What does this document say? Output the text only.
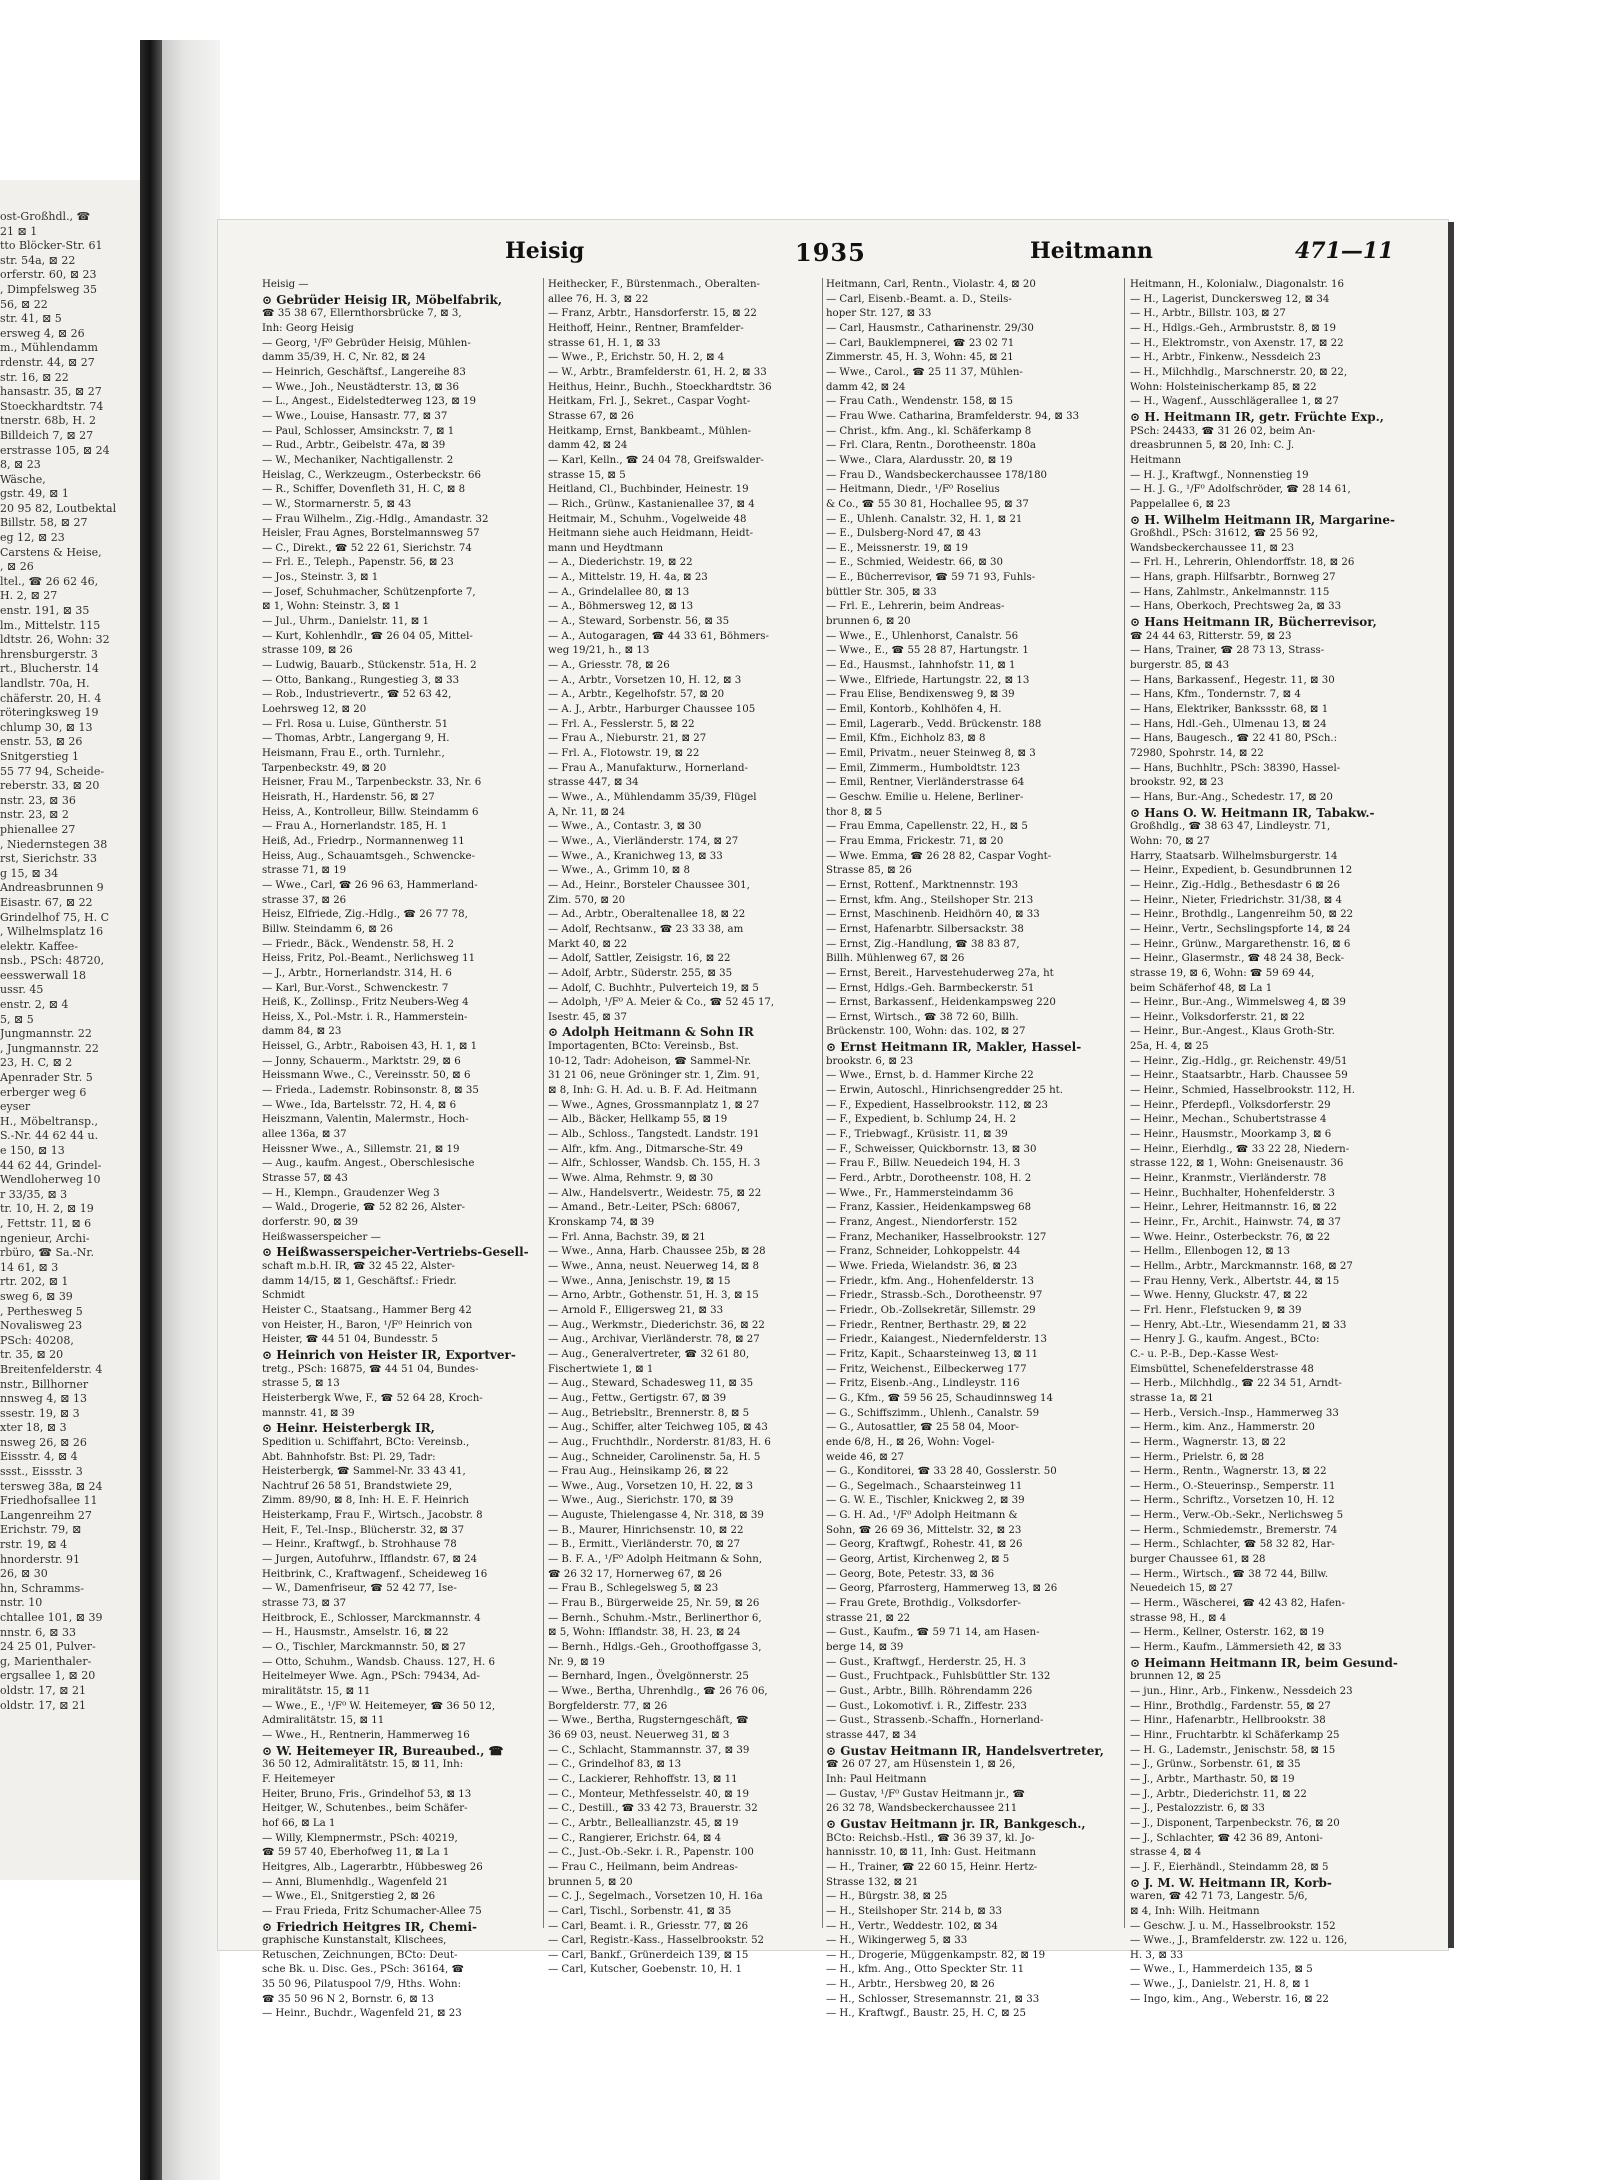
ost-Großhdl., ☎
21 ⊠ 1
tto Blöcker-Str. 61
str. 54a, ⊠ 22
orferstr. 60, ⊠ 23
, Dimpfelsweg 35
56, ⊠ 22
str. 41, ⊠ 5
ersweg 4, ⊠ 26
m., Mühlendamm
rdenstr. 44, ⊠ 27
str. 16, ⊠ 22
hansastr. 35, ⊠ 27
Stoeckhardtstr. 74
tnerstr. 68b, H. 2
Billdeich 7, ⊠ 27
erstrasse 105, ⊠ 24
8, ⊠ 23
Wäsche,
gstr. 49, ⊠ 1
20 95 82, Loutbektal
Billstr. 58, ⊠ 27
eg 12, ⊠ 23
Carstens & Heise,
, ⊠ 26
ltel., ☎ 26 62 46,
H. 2, ⊠ 27
enstr. 191, ⊠ 35
lm., Mittelstr. 115
ldtstr. 26, Wohn: 32
hrensburgerstr. 3
rt., Blucherstr. 14
landlstr. 70a, H.
chäferstr. 20, H. 4
röteringksweg 19
chlump 30, ⊠ 13
enstr. 53, ⊠ 26
Snitgerstieg 1
55 77 94, Scheide-
reberstr. 33, ⊠ 20
nstr. 23, ⊠ 36
nstr. 23, ⊠ 2
phienallee 27
, Niedernstegen 38
rst, Sierichstr. 33
g 15, ⊠ 34
Andreasbrunnen 9
Eisastr. 67, ⊠ 22
Grindelhof 75, H. C
, Wilhelmsplatz 16
elektr. Kaffee-
nsb., PSch: 48720,
eesswerwall 18
ussr. 45
enstr. 2, ⊠ 4
5, ⊠ 5
Jungmannstr. 22
, Jungmannstr. 22
23, H. C, ⊠ 2
Apenrader Str. 5
erberger weg 6
eyser
H., Möbeltransp.,
S.-Nr. 44 62 44 u.
e 150, ⊠ 13
44 62 44, Grindel-
Wendloherweg 10
r 33/35, ⊠ 3
tr. 10, H. 2, ⊠ 19
, Fettstr. 11, ⊠ 6
ngenieur, Archi-
rbüro, ☎ Sa.-Nr.
14 61, ⊠ 3
rtr. 202, ⊠ 1
sweg 6, ⊠ 39
, Perthesweg 5
Novalisweg 23
PSch: 40208,
tr. 35, ⊠ 20
Breitenfelderstr. 4
nstr., Billhorner
nnsweg 4, ⊠ 13
ssestr. 19, ⊠ 3
xter 18, ⊠ 3
nsweg 26, ⊠ 26
Eissstr. 4, ⊠ 4
ssst., Eissstr. 3
tersweg 38a, ⊠ 24
Friedhofsallee 11
Langenreihm 27
Erichstr. 79, ⊠
rstr. 19, ⊠ 4
hnorderstr. 91
26, ⊠ 30
hn, Schramms-
nstr. 10
chtallee 101, ⊠ 39
nnstr. 6, ⊠ 33
24 25 01, Pulver-
g, Marienthaler-
ergsallee 1, ⊠ 20
oldstr. 17, ⊠ 21
oldstr. 17, ⊠ 21
Heisig	1935	Heitmann	471—11
Heisig —
⊙ Gebrüder Heisig IR, Möbelfabrik,
☎ 35 38 67, Ellernthorsbrücke 7, ⊠ 3,
Inh: Georg Heisig
— Georg, ¹/F⁰ Gebrüder Heisig, Mühlen-
damm 35/39, H. C, Nr. 82, ⊠ 24
— Heinrich, Geschäftsf., Langereihe 83
— Wwe., Joh., Neustädterstr. 13, ⊠ 36
— L., Angest., Eidelstedterweg 123, ⊠ 19
— Wwe., Louise, Hansastr. 77, ⊠ 37
— Paul, Schlosser, Amsinckstr. 7, ⊠ 1
— Rud., Arbtr., Geibelstr. 47a, ⊠ 39
— W., Mechaniker, Nachtigallenstr. 2
Heislag, C., Werkzeugm., Osterbeckstr. 66
— R., Schiffer, Dovenfleth 31, H. C, ⊠ 8
— W., Stormarnerstr. 5, ⊠ 43
— Frau Wilhelm., Zig.-Hdlg., Amandastr. 32
Heisler, Frau Agnes, Borstelmannsweg 57
— C., Direkt., ☎ 52 22 61, Sierichstr. 74
— Frl. E., Teleph., Papenstr. 56, ⊠ 23
— Jos., Steinstr. 3, ⊠ 1
— Josef, Schuhmacher, Schützenpforte 7,
⊠ 1, Wohn: Steinstr. 3, ⊠ 1
— Jul., Uhrm., Danielstr. 11, ⊠ 1
— Kurt, Kohlenhdlr., ☎ 26 04 05, Mittel-
strasse 109, ⊠ 26
— Ludwig, Bauarb., Stückenstr. 51a, H. 2
— Otto, Bankang., Rungestieg 3, ⊠ 33
— Rob., Industrievertr., ☎ 52 63 42,
Loehrsweg 12, ⊠ 20
— Frl. Rosa u. Luise, Güntherstr. 51
— Thomas, Arbtr., Langergang 9, H.
Heismann, Frau E., orth. Turnlehr.,
Tarpenbeckstr. 49, ⊠ 20
Heisner, Frau M., Tarpenbeckstr. 33, Nr. 6
Heisrath, H., Hardenstr. 56, ⊠ 27
Heiss, A., Kontrolleur, Billw. Steindamm 6
— Frau A., Hornerlandstr. 185, H. 1
Heiß, Ad., Friedrp., Normannenweg 11
Heiss, Aug., Schauamtsgeh., Schwencke-
strasse 71, ⊠ 19
— Wwe., Carl, ☎ 26 96 63, Hammerland-
strasse 37, ⊠ 26
Heisz, Elfriede, Zig.-Hdlg., ☎ 26 77 78,
Billw. Steindamm 6, ⊠ 26
— Friedr., Bäck., Wendenstr. 58, H. 2
Heiss, Fritz, Pol.-Beamt., Nerlichsweg 11
— J., Arbtr., Hornerlandstr. 314, H. 6
— Karl, Bur.-Vorst., Schwenckestr. 7
Heiß, K., Zollinsp., Fritz Neubers-Weg 4
Heiss, X., Pol.-Mstr. i. R., Hammerstein-
damm 84, ⊠ 23
Heissel, G., Arbtr., Raboisen 43, H. 1, ⊠ 1
— Jonny, Schauerm., Marktstr. 29, ⊠ 6
Heissmann Wwe., C., Vereinsstr. 50, ⊠ 6
— Frieda., Lademstr. Robinsonstr. 8, ⊠ 35
— Wwe., Ida, Bartelsstr. 72, H. 4, ⊠ 6
Heiszmann, Valentin, Malermstr., Hoch-
allee 136a, ⊠ 37
Heissner Wwe., A., Sillemstr. 21, ⊠ 19
— Aug., kaufm. Angest., Oberschlesische
Strasse 57, ⊠ 43
— H., Klempn., Graudenzer Weg 3
— Wald., Drogerie, ☎ 52 82 26, Alster-
dorferstr. 90, ⊠ 39
Heißwasserspeicher —
⊙ Heißwasserspeicher-Vertriebs-Gesell-
schaft m.b.H. IR, ☎ 32 45 22, Alster-
damm 14/15, ⊠ 1, Geschäftsf.: Friedr.
Schmidt
Heister C., Staatsang., Hammer Berg 42
von Heister, H., Baron, ¹/F⁰ Heinrich von
Heister, ☎ 44 51 04, Bundesstr. 5
⊙ Heinrich von Heister IR, Exportver-
tretg., PSch: 16875, ☎ 44 51 04, Bundes-
strasse 5, ⊠ 13
Heisterbergk Wwe, F., ☎ 52 64 28, Kroch-
mannstr. 41, ⊠ 39
⊙ Heinr. Heisterbergk IR,
Spedition u. Schiffahrt, BCto: Vereinsb.,
Abt. Bahnhofstr. Bst: Pl. 29, Tadr:
Heisterbergk, ☎ Sammel-Nr. 33 43 41,
Nachtruf 26 58 51, Brandstwiete 29,
Zimm. 89/90, ⊠ 8, Inh: H. E. F. Heinrich
Heisterkamp, Frau F., Wirtsch., Jacobstr. 8
Heit, F., Tel.-Insp., Blücherstr. 32, ⊠ 37
— Heinr., Kraftwgf., b. Strohhause 78
— Jurgen, Autofuhrw., Ifflandstr. 67, ⊠ 24
Heitbrink, C., Kraftwagenf., Scheideweg 16
— W., Damenfriseur, ☎ 52 42 77, Ise-
strasse 73, ⊠ 37
Heitbrock, E., Schlosser, Marckmannstr. 4
— H., Hausmstr., Amselstr. 16, ⊠ 22
— O., Tischler, Marckmannstr. 50, ⊠ 27
— Otto, Schuhm., Wandsb. Chauss. 127, H. 6
Heitelmeyer Wwe. Agn., PSch: 79434, Ad-
miralitätstr. 15, ⊠ 11
— Wwe., E., ¹/F⁰ W. Heitemeyer, ☎ 36 50 12,
Admiralitätstr. 15, ⊠ 11
— Wwe., H., Rentnerin, Hammerweg 16
⊙ W. Heitemeyer IR, Bureaubed., ☎
36 50 12, Admiralitätstr. 15, ⊠ 11, Inh:
F. Heitemeyer
Heiter, Bruno, Fris., Grindelhof 53, ⊠ 13
Heitger, W., Schutenbes., beim Schäfer-
hof 66, ⊠ La 1
— Willy, Klempnermstr., PSch: 40219,
☎ 59 57 40, Eberhofweg 11, ⊠ La 1
Heitgres, Alb., Lagerarbtr., Hübbesweg 26
— Anni, Blumenhdlg., Wagenfeld 21
— Wwe., El., Snitgerstieg 2, ⊠ 26
— Frau Frieda, Fritz Schumacher-Allee 75
⊙ Friedrich Heitgres IR, Chemi-
graphische Kunstanstalt, Klischees,
Retuschen, Zeichnungen, BCto: Deut-
sche Bk. u. Disc. Ges., PSch: 36164, ☎
35 50 96, Pilatuspool 7/9, Hths. Wohn:
☎ 35 50 96 N 2, Bornstr. 6, ⊠ 13
— Heinr., Buchdr., Wagenfeld 21, ⊠ 23
Heithecker, F., Bürstenmach., Oberalten-
allee 76, H. 3, ⊠ 22
— Franz, Arbtr., Hansdorferstr. 15, ⊠ 22
Heithoff, Heinr., Rentner, Bramfelder-
strasse 61, H. 1, ⊠ 33
— Wwe., P., Erichstr. 50, H. 2, ⊠ 4
— W., Arbtr., Bramfelderstr. 61, H. 2, ⊠ 33
Heithus, Heinr., Buchh., Stoeckhardtstr. 36
Heitkam, Frl. J., Sekret., Caspar Voght-
Strasse 67, ⊠ 26
Heitkamp, Ernst, Bankbeamt., Mühlen-
damm 42, ⊠ 24
— Karl, Kelln., ☎ 24 04 78, Greifswalder-
strasse 15, ⊠ 5
Heitland, Cl., Buchbinder, Heinestr. 19
— Rich., Grünw., Kastanienallee 37, ⊠ 4
Heitmair, M., Schuhm., Vogelweide 48
Heitmann siehe auch Heidmann, Heidt-
mann und Heydtmann
— A., Diederichstr. 19, ⊠ 22
— A., Mittelstr. 19, H. 4a, ⊠ 23
— A., Grindelallee 80, ⊠ 13
— A., Böhmersweg 12, ⊠ 13
— A., Steward, Sorbenstr. 56, ⊠ 35
— A., Autogaragen, ☎ 44 33 61, Böhmers-
weg 19/21, h., ⊠ 13
— A., Griesstr. 78, ⊠ 26
— A., Arbtr., Vorsetzen 10, H. 12, ⊠ 3
— A., Arbtr., Kegelhofstr. 57, ⊠ 20
— A. J., Arbtr., Harburger Chaussee 105
— Frl. A., Fesslerstr. 5, ⊠ 22
— Frau A., Nieburstr. 21, ⊠ 27
— Frl. A., Flotowstr. 19, ⊠ 22
— Frau A., Manufakturw., Hornerland-
strasse 447, ⊠ 34
— Wwe., A., Mühlendamm 35/39, Flügel
A, Nr. 11, ⊠ 24
— Wwe., A., Contastr. 3, ⊠ 30
— Wwe., A., Vierländerstr. 174, ⊠ 27
— Wwe., A., Kranichweg 13, ⊠ 33
— Wwe., A., Grimm 10, ⊠ 8
— Ad., Heinr., Borsteler Chaussee 301,
Zim. 570, ⊠ 20
— Ad., Arbtr., Oberaltenallee 18, ⊠ 22
— Adolf, Rechtsanw., ☎ 23 33 38, am
Markt 40, ⊠ 22
— Adolf, Sattler, Zeisigstr. 16, ⊠ 22
— Adolf, Arbtr., Süderstr. 255, ⊠ 35
— Adolf, C. Buchhtr., Pulverteich 19, ⊠ 5
— Adolph, ¹/F⁰ A. Meier & Co., ☎ 52 45 17,
Isestr. 45, ⊠ 37
⊙ Adolph Heitmann & Sohn IR
Importagenten, BCto: Vereinsb., Bst.
10-12, Tadr: Adoheison, ☎ Sammel-Nr.
31 21 06, neue Gröninger str. 1, Zim. 91,
⊠ 8, Inh: G. H. Ad. u. B. F. Ad. Heitmann
— Wwe., Agnes, Grossmannplatz 1, ⊠ 27
— Alb., Bäcker, Hellkamp 55, ⊠ 19
— Alb., Schloss., Tangstedt. Landstr. 191
— Alfr., kfm. Ang., Ditmarsche-Str. 49
— Alfr., Schlosser, Wandsb. Ch. 155, H. 3
— Wwe. Alma, Rehmstr. 9, ⊠ 30
— Alw., Handelsvertr., Weidestr. 75, ⊠ 22
— Amand., Betr.-Leiter, PSch: 68067,
Kronskamp 74, ⊠ 39
— Frl. Anna, Bachstr. 39, ⊠ 21
— Wwe., Anna, Harb. Chaussee 25b, ⊠ 28
— Wwe., Anna, neust. Neuerweg 14, ⊠ 8
— Wwe., Anna, Jenischstr. 19, ⊠ 15
— Arno, Arbtr., Gothenstr. 51, H. 3, ⊠ 15
— Arnold F., Elligersweg 21, ⊠ 33
— Aug., Werkmstr., Diederichstr. 36, ⊠ 22
— Aug., Archivar, Vierländerstr. 78, ⊠ 27
— Aug., Generalvertreter, ☎ 32 61 80,
Fischertwiete 1, ⊠ 1
— Aug., Steward, Schadesweg 11, ⊠ 35
— Aug., Fettw., Gertigstr. 67, ⊠ 39
— Aug., Betriebsltr., Brennerstr. 8, ⊠ 5
— Aug., Schiffer, alter Teichweg 105, ⊠ 43
— Aug., Fruchthdlr., Norderstr. 81/83, H. 6
— Aug., Schneider, Carolinenstr. 5a, H. 5
— Frau Aug., Heinsikamp 26, ⊠ 22
— Wwe., Aug., Vorsetzen 10, H. 22, ⊠ 3
— Wwe., Aug., Sierichstr. 170, ⊠ 39
— Auguste, Thielengasse 4, Nr. 318, ⊠ 39
— B., Maurer, Hinrichsenstr. 10, ⊠ 22
— B., Ermitt., Vierländerstr. 70, ⊠ 27
— B. F. A., ¹/F⁰ Adolph Heitmann & Sohn,
☎ 26 32 17, Hornerweg 67, ⊠ 26
— Frau B., Schlegelsweg 5, ⊠ 23
— Frau B., Bürgerweide 25, Nr. 59, ⊠ 26
— Bernh., Schuhm.-Mstr., Berlinerthor 6,
⊠ 5, Wohn: Ifflandstr. 38, H. 23, ⊠ 24
— Bernh., Hdlgs.-Geh., Groothoffgasse 3,
Nr. 9, ⊠ 19
— Bernhard, Ingen., Övelgönnerstr. 25
— Wwe., Bertha, Uhrenhdlg., ☎ 26 76 06,
Borgfelderstr. 77, ⊠ 26
— Wwe., Bertha, Rugsterngeschäft, ☎
36 69 03, neust. Neuerweg 31, ⊠ 3
— C., Schlacht, Stammannstr. 37, ⊠ 39
— C., Grindelhof 83, ⊠ 13
— C., Lackierer, Rehhoffstr. 13, ⊠ 11
— C., Monteur, Methfesselstr. 40, ⊠ 19
— C., Destill., ☎ 33 42 73, Brauerstr. 32
— C., Arbtr., Belleallianzstr. 45, ⊠ 19
— C., Rangierer, Erichstr. 64, ⊠ 4
— C., Just.-Ob.-Sekr. i. R., Papenstr. 100
— Frau C., Heilmann, beim Andreas-
brunnen 5, ⊠ 20
— C. J., Segelmach., Vorsetzen 10, H. 16a
— Carl, Tischl., Sorbenstr. 41, ⊠ 35
— Carl, Beamt. i. R., Griesstr. 77, ⊠ 26
— Carl, Registr.-Kass., Hasselbrookstr. 52
— Carl, Bankf., Grünerdeich 139, ⊠ 15
— Carl, Kutscher, Goebenstr. 10, H. 1
Heitmann, Carl, Rentn., Violastr. 4, ⊠ 20
— Carl, Eisenb.-Beamt. a. D., Steils-
hoper Str. 127, ⊠ 33
— Carl, Hausmstr., Catharinenstr. 29/30
— Carl, Bauklempnerei, ☎ 23 02 71
Zimmerstr. 45, H. 3, Wohn: 45, ⊠ 21
— Wwe., Carol., ☎ 25 11 37, Mühlen-
damm 42, ⊠ 24
— Frau Cath., Wendenstr. 158, ⊠ 15
— Frau Wwe. Catharina, Bramfelderstr. 94, ⊠ 33
— Christ., kfm. Ang., kl. Schäferkamp 8
— Frl. Clara, Rentn., Dorotheenstr. 180a
— Wwe., Clara, Alardusstr. 20, ⊠ 19
— Frau D., Wandsbeckerchaussee 178/180
— Heitmann, Diedr., ¹/F⁰ Roselius
& Co., ☎ 55 30 81, Hochallee 95, ⊠ 37
— E., Uhlenh. Canalstr. 32, H. 1, ⊠ 21
— E., Dulsberg-Nord 47, ⊠ 43
— E., Meissnerstr. 19, ⊠ 19
— E., Schmied, Weidestr. 66, ⊠ 30
— E., Bücherrevisor, ☎ 59 71 93, Fuhls-
büttler Str. 305, ⊠ 33
— Frl. E., Lehrerin, beim Andreas-
brunnen 6, ⊠ 20
— Wwe., E., Uhlenhorst, Canalstr. 56
— Wwe., E., ☎ 55 28 87, Hartungstr. 1
— Ed., Hausmst., Iahnhofstr. 11, ⊠ 1
— Wwe., Elfriede, Hartungstr. 22, ⊠ 13
— Frau Elise, Bendixensweg 9, ⊠ 39
— Emil, Kontorb., Kohlhöfen 4, H.
— Emil, Lagerarb., Vedd. Brückenstr. 188
— Emil, Kfm., Eichholz 83, ⊠ 8
— Emil, Privatm., neuer Steinweg 8, ⊠ 3
— Emil, Zimmerm., Humboldtstr. 123
— Emil, Rentner, Vierländerstrasse 64
— Geschw. Emilie u. Helene, Berliner-
thor 8, ⊠ 5
— Frau Emma, Capellenstr. 22, H., ⊠ 5
— Frau Emma, Frickestr. 71, ⊠ 20
— Wwe. Emma, ☎ 26 28 82, Caspar Voght-
Strasse 85, ⊠ 26
— Ernst, Rottenf., Marktnennstr. 193
— Ernst, kfm. Ang., Steilshoper Str. 213
— Ernst, Maschinenb. Heidhörn 40, ⊠ 33
— Ernst, Hafenarbtr. Silbersackstr. 38
— Ernst, Zig.-Handlung, ☎ 38 83 87,
Billh. Mühlenweg 67, ⊠ 26
— Ernst, Bereit., Harvestehuderweg 27a, ht
— Ernst, Hdlgs.-Geh. Barmbeckerstr. 51
— Ernst, Barkassenf., Heidenkampsweg 220
— Ernst, Wirtsch., ☎ 38 72 60, Billh.
Brückenstr. 100, Wohn: das. 102, ⊠ 27
⊙ Ernst Heitmann IR, Makler, Hassel-
brookstr. 6, ⊠ 23
— Wwe., Ernst, b. d. Hammer Kirche 22
— Erwin, Autoschl., Hinrichsengredder 25 ht.
— F., Expedient, Hasselbrookstr. 112, ⊠ 23
— F., Expedient, b. Schlump 24, H. 2
— F., Triebwagf., Krüsistr. 11, ⊠ 39
— F., Schweisser, Quickbornstr. 13, ⊠ 30
— Frau F., Billw. Neuedeich 194, H. 3
— Ferd., Arbtr., Dorotheenstr. 108, H. 2
— Wwe., Fr., Hammersteindamm 36
— Franz, Kassier., Heidenkampsweg 68
— Franz, Angest., Niendorferstr. 152
— Franz, Mechaniker, Hasselbrookstr. 127
— Franz, Schneider, Lohkoppelstr. 44
— Wwe. Frieda, Wielandstr. 36, ⊠ 23
— Friedr., kfm. Ang., Hohenfelderstr. 13
— Friedr., Strassb.-Sch., Dorotheenstr. 97
— Friedr., Ob.-Zollsekretär, Sillemstr. 29
— Friedr., Rentner, Berthastr. 29, ⊠ 22
— Friedr., Kaiangest., Niedernfelderstr. 13
— Fritz, Kapit., Schaarsteinweg 13, ⊠ 11
— Fritz, Weichenst., Eilbeckerweg 177
— Fritz, Eisenb.-Ang., Lindleystr. 116
— G., Kfm., ☎ 59 56 25, Schaudinnsweg 14
— G., Schiffszimm., Uhlenh., Canalstr. 59
— G., Autosattler, ☎ 25 58 04, Moor-
ende 6/8, H., ⊠ 26, Wohn: Vogel-
weide 46, ⊠ 27
— G., Konditorei, ☎ 33 28 40, Gosslerstr. 50
— G., Segelmach., Schaarsteinweg 11
— G. W. E., Tischler, Knickweg 2, ⊠ 39
— G. H. Ad., ¹/F⁰ Adolph Heitmann &
Sohn, ☎ 26 69 36, Mittelstr. 32, ⊠ 23
— Georg, Kraftwgf., Rohestr. 41, ⊠ 26
— Georg, Artist, Kirchenweg 2, ⊠ 5
— Georg, Bote, Petestr. 33, ⊠ 36
— Georg, Pfarrosterg, Hammerweg 13, ⊠ 26
— Frau Grete, Brothdig., Volksdorfer-
strasse 21, ⊠ 22
— Gust., Kaufm., ☎ 59 71 14, am Hasen-
berge 14, ⊠ 39
— Gust., Kraftwgf., Herderstr. 25, H. 3
— Gust., Fruchtpack., Fuhlsbüttler Str. 132
— Gust., Arbtr., Billh. Röhrendamm 226
— Gust., Lokomotivf. i. R., Ziffestr. 233
— Gust., Strassenb.-Schaffn., Hornerland-
strasse 447, ⊠ 34
⊙ Gustav Heitmann IR, Handelsvertreter,
☎ 26 07 27, am Hüsenstein 1, ⊠ 26,
Inh: Paul Heitmann
— Gustav, ¹/F⁰ Gustav Heitmann jr., ☎
26 32 78, Wandsbeckerchaussee 211
⊙ Gustav Heitmann jr. IR, Bankgesch.,
BCto: Reichsb.-Hstl., ☎ 36 39 37, kl. Jo-
hannisstr. 10, ⊠ 11, Inh: Gust. Heitmann
— H., Trainer, ☎ 22 60 15, Heinr. Hertz-
Strasse 132, ⊠ 21
— H., Bürgstr. 38, ⊠ 25
— H., Steilshoper Str. 214 b, ⊠ 33
— H., Vertr., Weddestr. 102, ⊠ 34
— H., Wikingerweg 5, ⊠ 33
— H., Drogerie, Müggenkampstr. 82, ⊠ 19
— H., kfm. Ang., Otto Speckter Str. 11
— H., Arbtr., Hersbweg 20, ⊠ 26
— H., Schlosser, Stresemannstr. 21, ⊠ 33
— H., Kraftwgf., Baustr. 25, H. C, ⊠ 25
Heitmann, H., Kolonialw., Diagonalstr. 16
— H., Lagerist, Dunckersweg 12, ⊠ 34
— H., Arbtr., Billstr. 103, ⊠ 27
— H., Hdlgs.-Geh., Armbruststr. 8, ⊠ 19
— H., Elektromstr., von Axenstr. 17, ⊠ 22
— H., Arbtr., Finkenw., Nessdeich 23
— H., Milchhdlg., Marschnerstr. 20, ⊠ 22,
Wohn: Holsteinischerkamp 85, ⊠ 22
— H., Wagenf., Ausschlägerallee 1, ⊠ 27
⊙ H. Heitmann IR, getr. Früchte Exp.,
PSch: 24433, ☎ 31 26 02, beim An-
dreasbrunnen 5, ⊠ 20, Inh: C. J.
Heitmann
— H. J., Kraftwgf., Nonnenstieg 19
— H. J. G., ¹/F⁰ Adolfschröder, ☎ 28 14 61,
Pappelallee 6, ⊠ 23
⊙ H. Wilhelm Heitmann IR, Margarine-
Großhdl., PSch: 31612, ☎ 25 56 92,
Wandsbeckerchaussee 11, ⊠ 23
— Frl. H., Lehrerin, Ohlendorffstr. 18, ⊠ 26
— Hans, graph. Hilfsarbtr., Bornweg 27
— Hans, Zahlmstr., Ankelmannstr. 115
— Hans, Oberkoch, Prechtsweg 2a, ⊠ 33
⊙ Hans Heitmann IR, Bücherrevisor,
☎ 24 44 63, Ritterstr. 59, ⊠ 23
— Hans, Trainer, ☎ 28 73 13, Strass-
burgerstr. 85, ⊠ 43
— Hans, Barkassenf., Hegestr. 11, ⊠ 30
— Hans, Kfm., Tondernstr. 7, ⊠ 4
— Hans, Elektriker, Bankssstr. 68, ⊠ 1
— Hans, Hdl.-Geh., Ulmenau 13, ⊠ 24
— Hans, Baugesch., ☎ 22 41 80, PSch.:
72980, Spohrstr. 14, ⊠ 22
— Hans, Buchhltr., PSch: 38390, Hassel-
brookstr. 92, ⊠ 23
— Hans, Bur.-Ang., Schedestr. 17, ⊠ 20
⊙ Hans O. W. Heitmann IR, Tabakw.-
Großhdlg., ☎ 38 63 47, Lindleystr. 71,
Wohn: 70, ⊠ 27
Harry, Staatsarb. Wilhelmsburgerstr. 14
— Heinr., Expedient, b. Gesundbrunnen 12
— Heinr., Zig.-Hdlg., Bethesdastr 6 ⊠ 26
— Heinr., Nieter, Friedrichstr. 31/38, ⊠ 4
— Heinr., Brothdlg., Langenreihm 50, ⊠ 22
— Heinr., Vertr., Sechslingspforte 14, ⊠ 24
— Heinr., Grünw., Margarethenstr. 16, ⊠ 6
— Heinr., Glasermstr., ☎ 48 24 38, Beck-
strasse 19, ⊠ 6, Wohn: ☎ 59 69 44,
beim Schäferhof 48, ⊠ La 1
— Heinr., Bur.-Ang., Wimmelsweg 4, ⊠ 39
— Heinr., Volksdorferstr. 21, ⊠ 22
— Heinr., Bur.-Angest., Klaus Groth-Str.
25a, H. 4, ⊠ 25
— Heinr., Zig.-Hdlg., gr. Reichenstr. 49/51
— Heinr., Staatsarbtr., Harb. Chaussee 59
— Heinr., Schmied, Hasselbrookstr. 112, H.
— Heinr., Pferdepfl., Volksdorferstr. 29
— Heinr., Mechan., Schubertstrasse 4
— Heinr., Hausmstr., Moorkamp 3, ⊠ 6
— Heinr., Eierhdlg., ☎ 33 22 28, Niedern-
strasse 122, ⊠ 1, Wohn: Gneisenaustr. 36
— Heinr., Kranmstr., Vierländerstr. 78
— Heinr., Buchhalter, Hohenfelderstr. 3
— Heinr., Lehrer, Heitmannstr. 16, ⊠ 22
— Heinr., Fr., Archit., Hainwstr. 74, ⊠ 37
— Wwe. Heinr., Osterbeckstr. 76, ⊠ 22
— Hellm., Ellenbogen 12, ⊠ 13
— Hellm., Arbtr., Marckmannstr. 168, ⊠ 27
— Frau Henny, Verk., Albertstr. 44, ⊠ 15
— Wwe. Henny, Gluckstr. 47, ⊠ 22
— Frl. Henr., Flefstucken 9, ⊠ 39
— Henry, Abt.-Ltr., Wiesendamm 21, ⊠ 33
— Henry J. G., kaufm. Angest., BCto:
C.- u. P.-B., Dep.-Kasse West-
Eimsbüttel, Schenefelderstrasse 48
— Herb., Milchhdlg., ☎ 22 34 51, Arndt-
strasse 1a, ⊠ 21
— Herb., Versich.-Insp., Hammerweg 33
— Herm., kim. Anz., Hammerstr. 20
— Herm., Wagnerstr. 13, ⊠ 22
— Herm., Prielstr. 6, ⊠ 28
— Herm., Rentn., Wagnerstr. 13, ⊠ 22
— Herm., O.-Steuerinsp., Semperstr. 11
— Herm., Schriftz., Vorsetzen 10, H. 12
— Herm., Verw.-Ob.-Sekr., Nerlichsweg 5
— Herm., Schmiedemstr., Bremerstr. 74
— Herm., Schlachter, ☎ 58 32 82, Har-
burger Chaussee 61, ⊠ 28
— Herm., Wirtsch., ☎ 38 72 44, Billw.
Neuedeich 15, ⊠ 27
— Herm., Wäscherei, ☎ 42 43 82, Hafen-
strasse 98, H., ⊠ 4
— Herm., Kellner, Osterstr. 162, ⊠ 19
— Herm., Kaufm., Lämmersieth 42, ⊠ 33
⊙ Heimann Heitmann IR, beim Gesund-
brunnen 12, ⊠ 25
— jun., Hinr., Arb., Finkenw., Nessdeich 23
— Hinr., Brothdlg., Fardenstr. 55, ⊠ 27
— Hinr., Hafenarbtr., Hellbrookstr. 38
— Hinr., Fruchtarbtr. kl Schäferkamp 25
— H. G., Lademstr., Jenischstr. 58, ⊠ 15
— J., Grünw., Sorbenstr. 61, ⊠ 35
— J., Arbtr., Marthastr. 50, ⊠ 19
— J., Arbtr., Diederichstr. 11, ⊠ 22
— J., Pestalozzistr. 6, ⊠ 33
— J., Disponent, Tarpenbeckstr. 76, ⊠ 20
— J., Schlachter, ☎ 42 36 89, Antoni-
strasse 4, ⊠ 4
— J. F., Eierhändl., Steindamm 28, ⊠ 5
⊙ J. M. W. Heitmann IR, Korb-
waren, ☎ 42 71 73, Langestr. 5/6,
⊠ 4, Inh: Wilh. Heitmann
— Geschw. J. u. M., Hasselbrookstr. 152
— Wwe., J., Bramfelderstr. zw. 122 u. 126,
H. 3, ⊠ 33
— Wwe., I., Hammerdeich 135, ⊠ 5
— Wwe., J., Danielstr. 21, H. 8, ⊠ 1
— Ingo, kim., Ang., Weberstr. 16, ⊠ 22
